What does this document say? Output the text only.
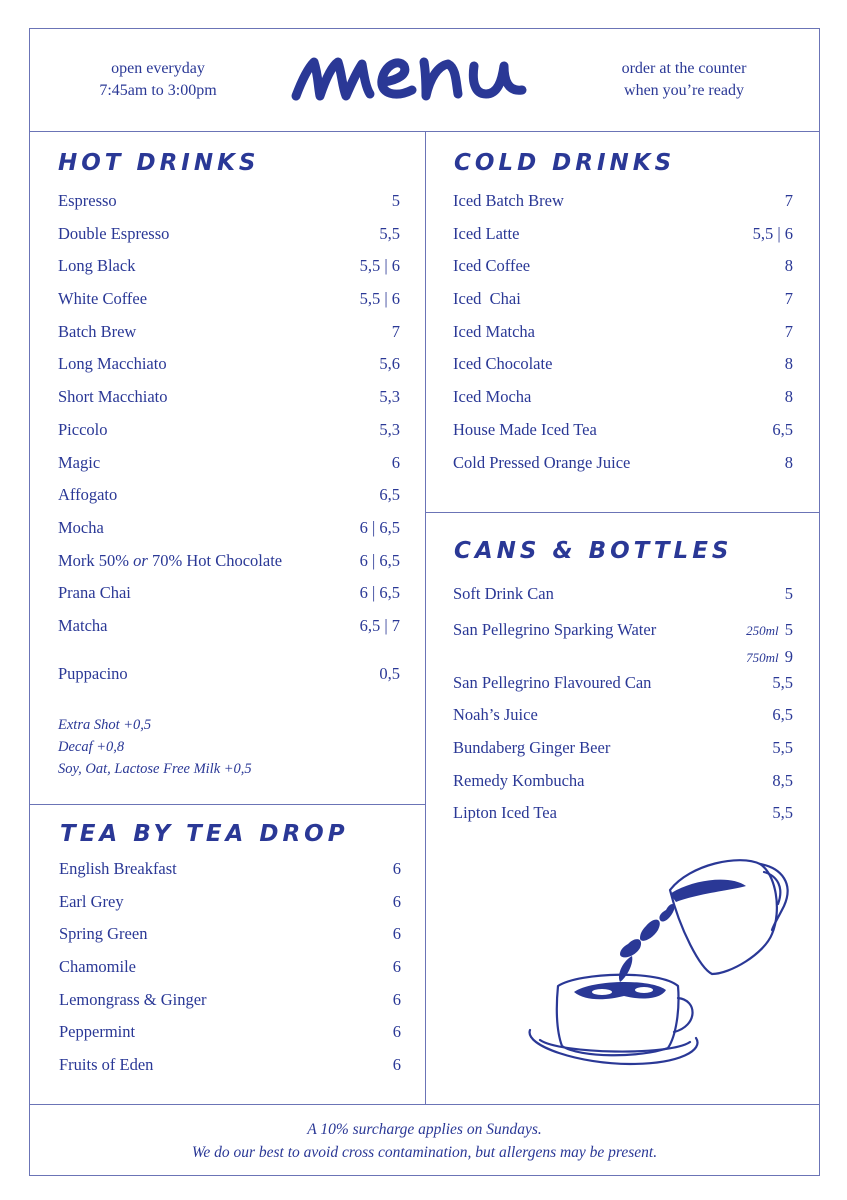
open everyday
7:45am to 3:00pm
menu
order at the counter
when you’re ready
HOT DRINKS
Espresso	5
Double Espresso	5,5
Long Black	5,5 | 6
White Coffee	5,5 | 6
Batch Brew	7
Long Macchiato	5,6
Short Macchiato	5,3
Piccolo	5,3
Magic	6
Affogato	6,5
Mocha	6 | 6,5
Mork 50% or 70% Hot Chocolate	6 | 6,5
Prana Chai	6 | 6,5
Matcha	6,5 | 7
Puppacino	0,5
Extra Shot +0,5
Decaf +0,8
Soy, Oat, Lactose Free Milk +0,5
TEA BY TEA DROP
English Breakfast	6
Earl Grey	6
Spring Green	6
Chamomile	6
Lemongrass & Ginger	6
Peppermint	6
Fruits of Eden	6
COLD DRINKS
Iced Batch Brew	7
Iced Latte	5,5 | 6
Iced Coffee	8
Iced  Chai	7
Iced Matcha	7
Iced Chocolate	8
Iced Mocha	8
House Made Iced Tea	6,5
Cold Pressed Orange Juice	8
CANS & BOTTLES
Soft Drink Can	5
San Pellegrino Sparking Water	250ml 5
750ml 9
San Pellegrino Flavoured Can	5,5
Noah’s Juice	6,5
Bundaberg Ginger Beer	5,5
Remedy Kombucha	8,5
Lipton Iced Tea	5,5
A 10% surcharge applies on Sundays.
We do our best to avoid cross contamination, but allergens may be present.
